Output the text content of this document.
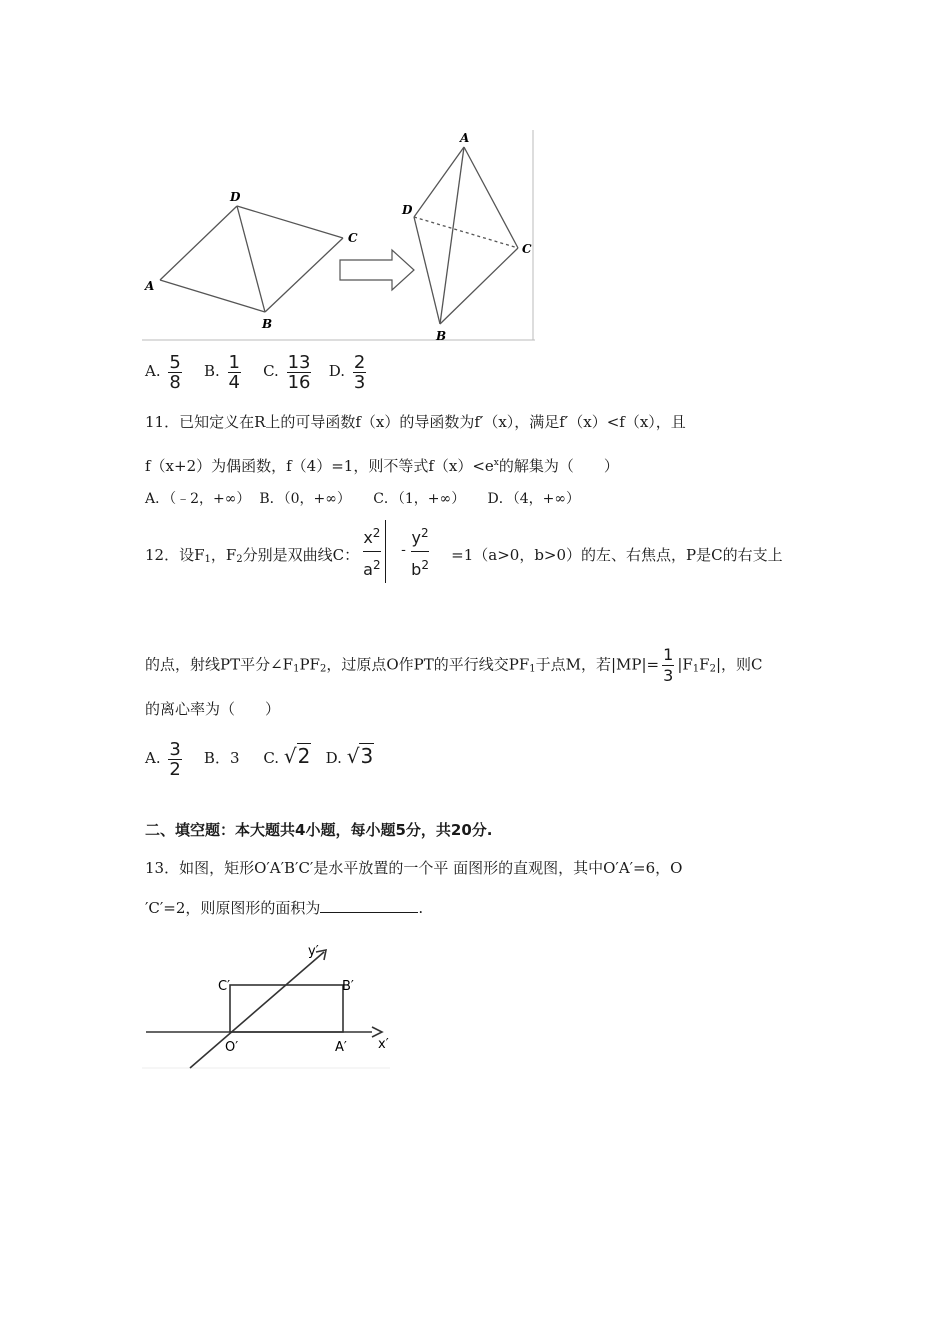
A
D
C
B
A
D
C
B
A. $\frac{5}{8} B$. $\frac{1}{4} C$. $\frac{13}{16} D$. $\frac{2}{3}$
11．已知定义在R上的可导函数f（x）的导函数为f′（x），满足f′（x）<f（x），且
f（x+2）为偶函数，f（4）=1，则不等式$f(x)<e^x$的解集为（　　）
A．（﹣2，+∞） B．（0，+∞） C．（1，+∞） D．（4，+∞）
12．设$F_1$，$F_2$分别是双曲线C：
$x^2$
$a^2$
-
$y^2$
$b^2$
=1（a>0，b>0）的左、右焦点，P是C的右支上
的点，射线PT平分$\angle F_1PF_2$，过原点O作PT的平行线交$PF_1$于点M，若$|MP|= \frac{1}{3} |F_1F_2|$，则C
的离心率为（　　）
A. $\frac{3}{2}$ B．3 C. √2 D. √3
二、填空题：本大题共4小题，每小题5分，共20分.
13．如图，矩形O′A′B′C′是水平放置的一个平 面图形的直观图，其中O′A′=6，O
′C′=2，则原图形的面积为	.
y′
x′
C′	B′
O′	A′
